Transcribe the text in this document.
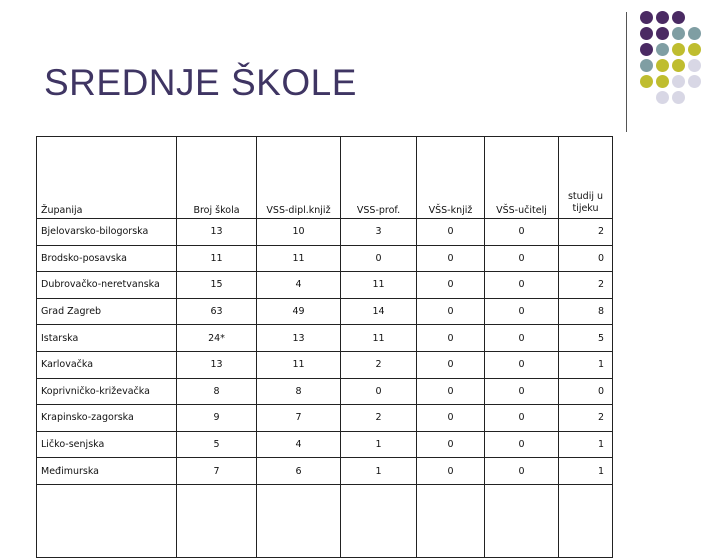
SREDNJE ŠKOLE
Županija	Broj škola	VSS-dipl.knjiž	VSS-prof.	VŠS-knjiž	VŠS-učitelj	studij u tijeku
Bjelovarsko-bilogorska	13	10	3	0	0	2
Brodsko-posavska	11	11	0	0	0	0
Dubrovačko-neretvanska	15	4	11	0	0	2
Grad Zagreb	63	49	14	0	0	8
Istarska	24*	13	11	0	0	5
Karlovačka	13	11	2	0	0	1
Koprivničko-križevačka	8	8	0	0	0	0
Krapinsko-zagorska	9	7	2	0	0	2
Ličko-senjska	5	4	1	0	0	1
Međimurska	7	6	1	0	0	1
